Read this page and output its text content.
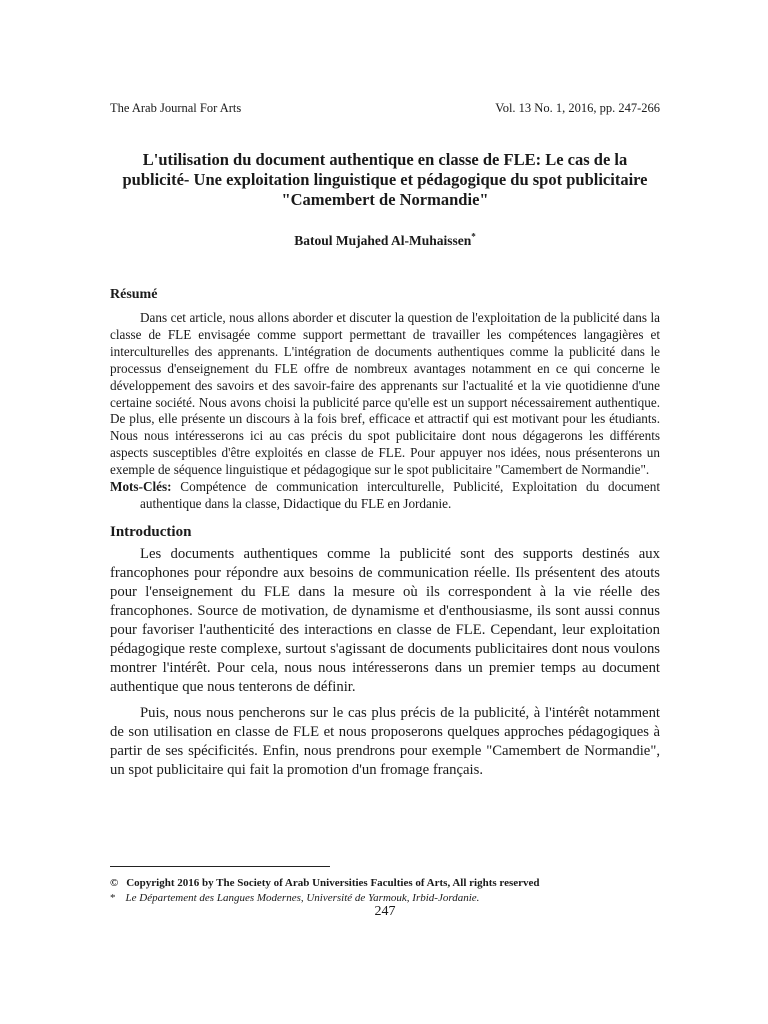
The Arab Journal For Arts	Vol. 13 No. 1, 2016, pp. 247-266
L'utilisation du document authentique en classe de FLE: Le cas de la publicité- Une exploitation linguistique et pédagogique du spot publicitaire "Camembert de Normandie"
Batoul Mujahed Al-Muhaissen*
Résumé

Dans cet article, nous allons aborder et discuter la question de l'exploitation de la publicité dans la classe de FLE envisagée comme support permettant de travailler les compétences langagières et interculturelles des apprenants. L'intégration de documents authentiques comme la publicité dans le processus d'enseignement du FLE offre de nombreux avantages notamment en ce qui concerne le développement des savoirs et des savoir-faire des apprenants sur l'actualité et la vie quotidienne d'une certaine société. Nous avons choisi la publicité parce qu'elle est un support nécessairement authentique. De plus, elle présente un discours à la fois bref, efficace et attractif qui est motivant pour les étudiants. Nous nous intéresserons ici au cas précis du spot publicitaire dont nous dégagerons les différents aspects susceptibles d'être exploités en classe de FLE. Pour appuyer nos idées, nous présenterons un exemple de séquence linguistique et pédagogique sur le spot publicitaire "Camembert de Normandie".

Mots-Clés: Compétence de communication interculturelle, Publicité, Exploitation du document authentique dans la classe, Didactique du FLE en Jordanie.

Introduction

Les documents authentiques comme la publicité sont des supports destinés aux francophones pour répondre aux besoins de communication réelle. Ils présentent des atouts pour l'enseignement du FLE dans la mesure où ils correspondent à la vie réelle des francophones. Source de motivation, de dynamisme et d'enthousiasme, ils sont aussi connus pour favoriser l'authenticité des interactions en classe de FLE. Cependant, leur exploitation pédagogique reste complexe, surtout s'agissant de documents publicitaires dont nous voulons montrer l'intérêt. Pour cela, nous nous intéresserons dans un premier temps au document authentique que nous tenterons de définir.

Puis, nous nous pencherons sur le cas plus précis de la publicité, à l'intérêt notamment de son utilisation en classe de FLE et nous proposerons quelques approches pédagogiques à partir de ses spécificités. Enfin, nous prendrons pour exemple "Camembert de Normandie", un spot publicitaire qui fait la promotion d'un fromage français.

© Copyright 2016 by The Society of Arab Universities Faculties of Arts, All rights reserved
* Le Département des Langues Modernes, Université de Yarmouk, Irbid-Jordanie.
247
